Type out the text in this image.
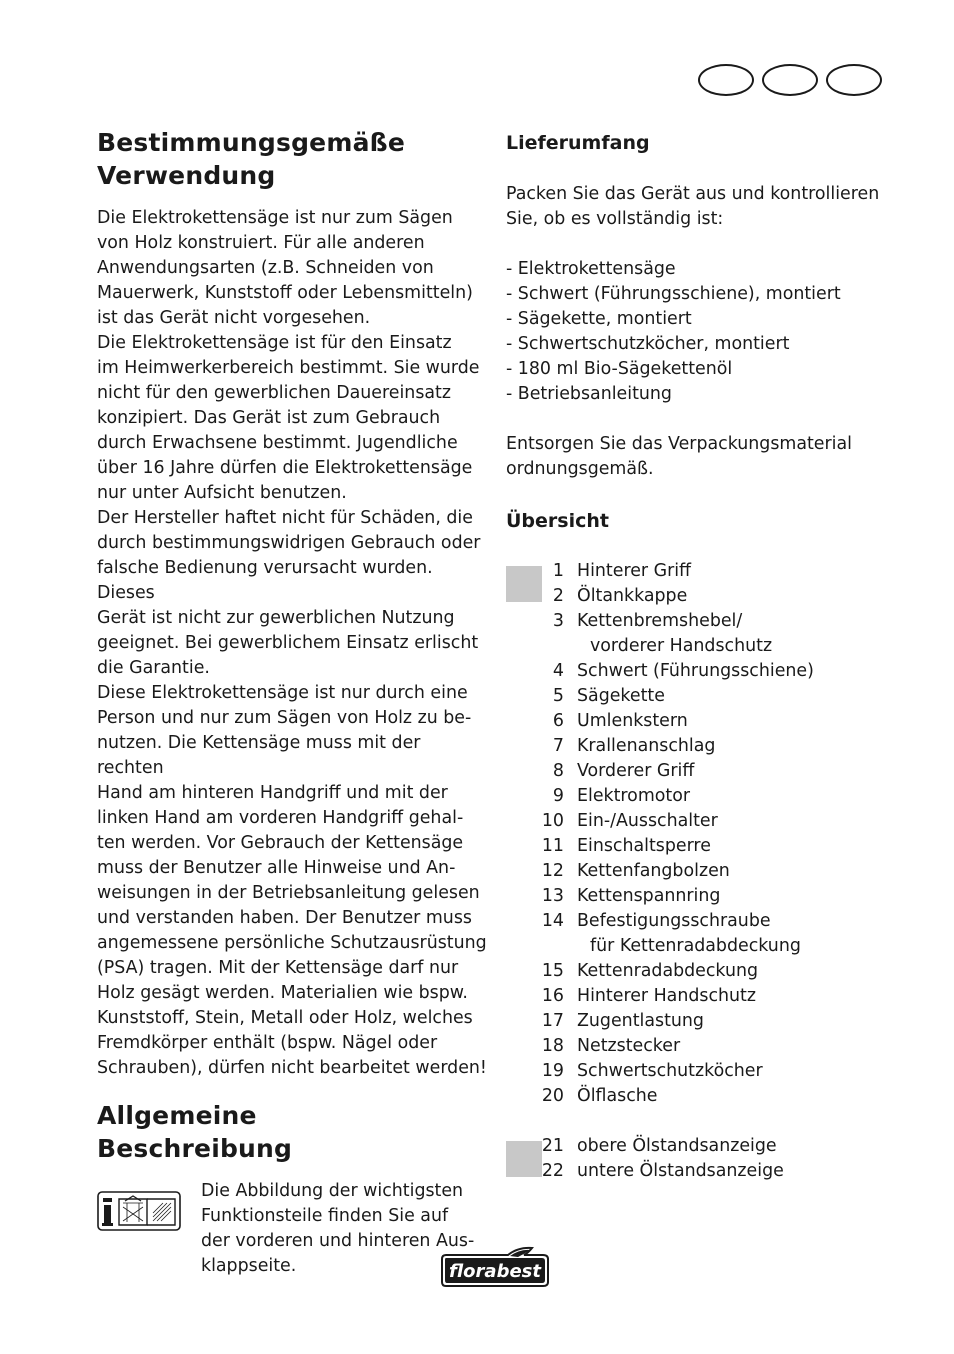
Bestimmungsgemäße
Verwendung
Die Elektrokettensäge ist nur zum Sägen
von Holz konstruiert. Für alle anderen
Anwendungsarten (z.B. Schneiden von
Mauerwerk, Kunststoff oder Lebensmitteln)
ist das Gerät nicht vorgesehen.
Die Elektrokettensäge ist für den Einsatz
im Heimwerkerbereich bestimmt. Sie wurde
nicht für den gewerblichen Dauereinsatz
konzipiert. Das Gerät ist zum Gebrauch
durch Erwachsene bestimmt. Jugendliche
über 16 Jahre dürfen die Elektrokettensäge
nur unter Aufsicht benutzen.
Der Hersteller haftet nicht für Schäden, die
durch bestimmungswidrigen Gebrauch oder
falsche Bedienung verursacht wurden. Dieses
Gerät ist nicht zur gewerblichen Nutzung
geeignet. Bei gewerblichem Einsatz erlischt
die Garantie.
Diese Elektrokettensäge ist nur durch eine
Person und nur zum Sägen von Holz zu be-
nutzen. Die Kettensäge muss mit der rechten
Hand am hinteren Handgriff und mit der
linken Hand am vorderen Handgriff gehal-
ten werden. Vor Gebrauch der Kettensäge
muss der Benutzer alle Hinweise und An-
weisungen in der Betriebsanleitung gelesen
und verstanden haben. Der Benutzer muss
angemessene persönliche Schutzausrüstung
(PSA) tragen. Mit der Kettensäge darf nur
Holz gesägt werden. Materialien wie bspw.
Kunststoff, Stein, Metall oder Holz, welches
Fremdkörper enthält (bspw. Nägel oder
Schrauben), dürfen nicht bearbeitet werden!
Allgemeine
Beschreibung
Die Abbildung der wichtigsten
Funktionsteile finden Sie auf
der vorderen und hinteren Aus-
klappseite.
Lieferumfang
Packen Sie das Gerät aus und kontrollieren
Sie, ob es vollständig ist:
- Elektrokettensäge
- Schwert (Führungsschiene), montiert
- Sägekette, montiert
- Schwertschutzköcher, montiert
- 180 ml Bio-Sägekettenöl
- Betriebsanleitung
Entsorgen Sie das Verpackungsmaterial
ordnungsgemäß.
Übersicht
1 Hinterer Griff
2 Öltankkappe
3 Kettenbremshebel/
vorderer Handschutz
4 Schwert (Führungsschiene)
5 Sägekette
6 Umlenkstern
7 Krallenanschlag
8 Vorderer Griff
9 Elektromotor
10 Ein-/Ausschalter
11 Einschaltsperre
12 Kettenfangbolzen
13 Kettenspannring
14 Befestigungsschraube
für Kettenradabdeckung
15 Kettenradabdeckung
16 Hinterer Handschutz
17 Zugentlastung
18 Netzstecker
19 Schwertschutzköcher
20 Ölflasche
21 obere Ölstandsanzeige
22 untere Ölstandsanzeige
florabest
